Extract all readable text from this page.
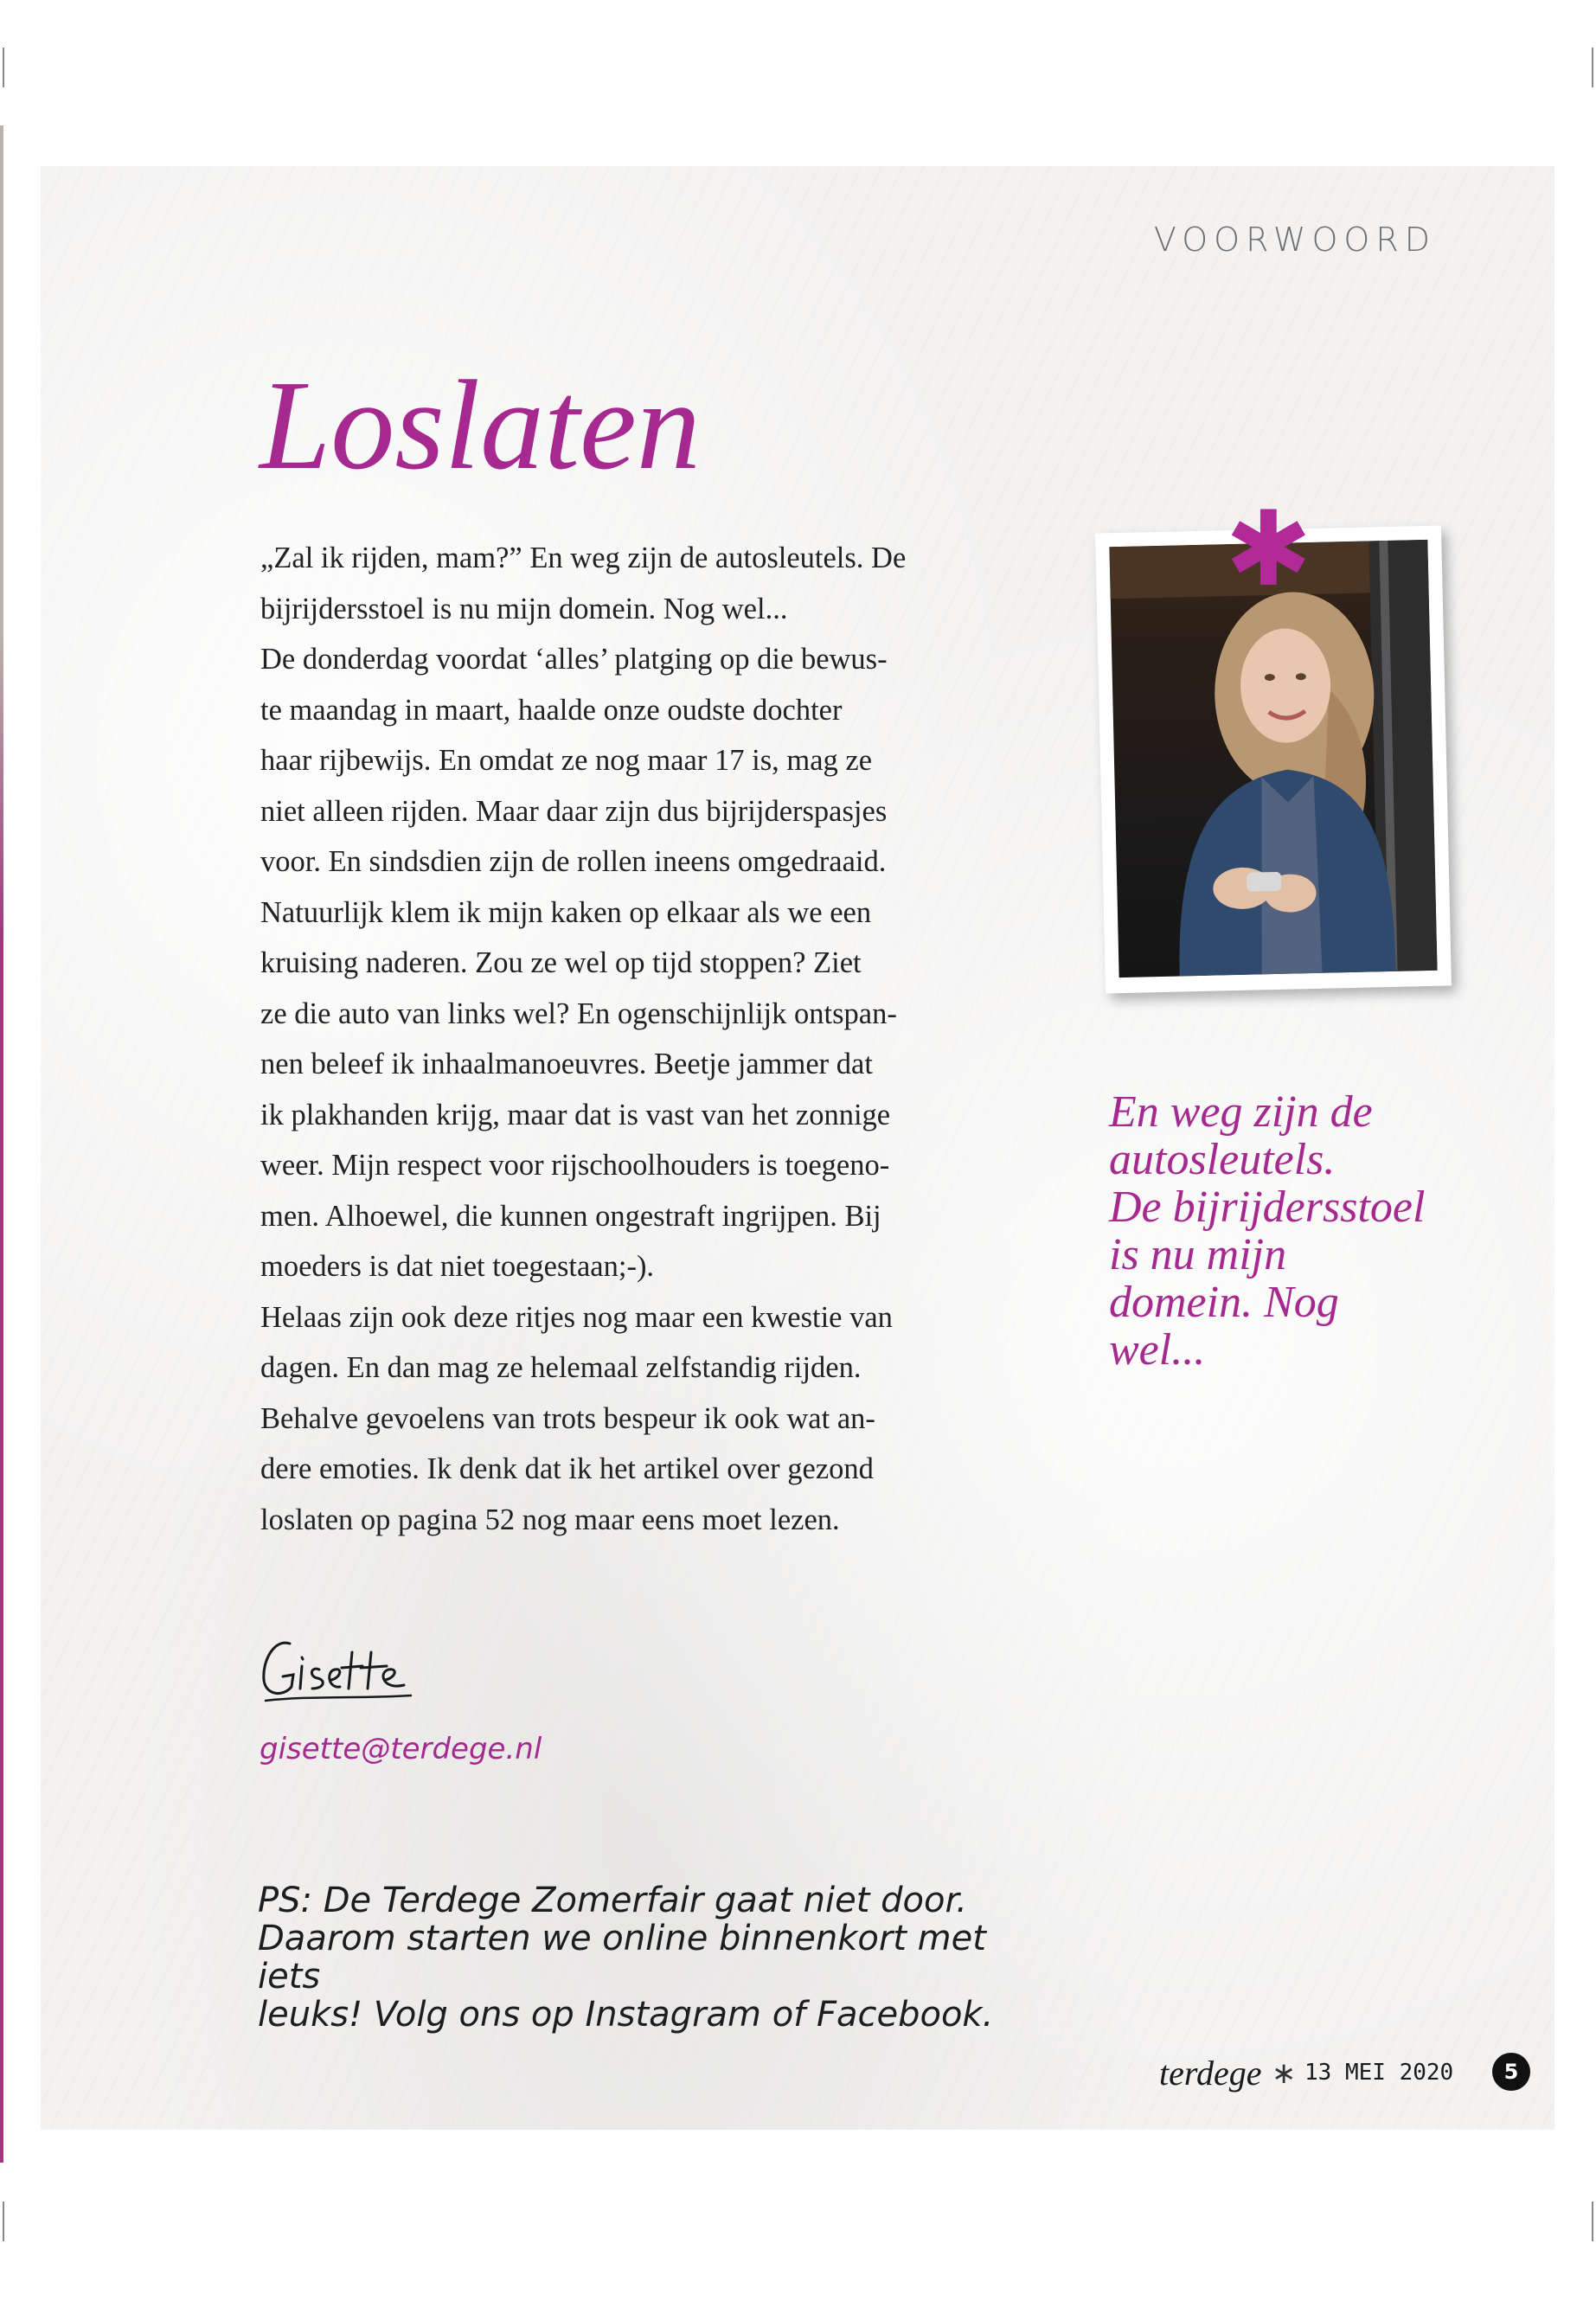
VOORWOORD
Loslaten

„Zal ik rijden, mam?” En weg zijn de autosleutels. De

bijrijdersstoel is nu mijn domein. Nog wel...

De donderdag voordat ‘alles’ platging op die bewus-

te maandag in maart, haalde onze oudste dochter

haar rijbewijs. En omdat ze nog maar 17 is, mag ze

niet alleen rijden. Maar daar zijn dus bijrijderspasjes

voor. En sindsdien zijn de rollen ineens omgedraaid.

Natuurlijk klem ik mijn kaken op elkaar als we een

kruising naderen. Zou ze wel op tijd stoppen? Ziet

ze die auto van links wel? En ogenschijnlijk ontspan-

nen beleef ik inhaalmanoeuvres. Beetje jammer dat

ik plakhanden krijg, maar dat is vast van het zonnige

weer. Mijn respect voor rijschoolhouders is toegeno-

men. Alhoewel, die kunnen ongestraft ingrijpen. Bij

moeders is dat niet toegestaan;-).

Helaas zijn ook deze ritjes nog maar een kwestie van

dagen. En dan mag ze helemaal zelfstandig rijden.

Behalve gevoelens van trots bespeur ik ook wat an-

dere emoties. Ik denk dat ik het artikel over gezond

loslaten op pagina 52 nog maar eens moet lezen.

✱
En weg zijn de
autosleutels.
De bijrijdersstoel
is nu mijn
domein. Nog
wel...
gisette@terdege.nl
PS: De Terdege Zomerfair gaat niet door.
Daarom starten we online binnenkort met iets
leuks! Volg ons op Instagram of Facebook.
terdege ∗ 13 MEI 2020	5
